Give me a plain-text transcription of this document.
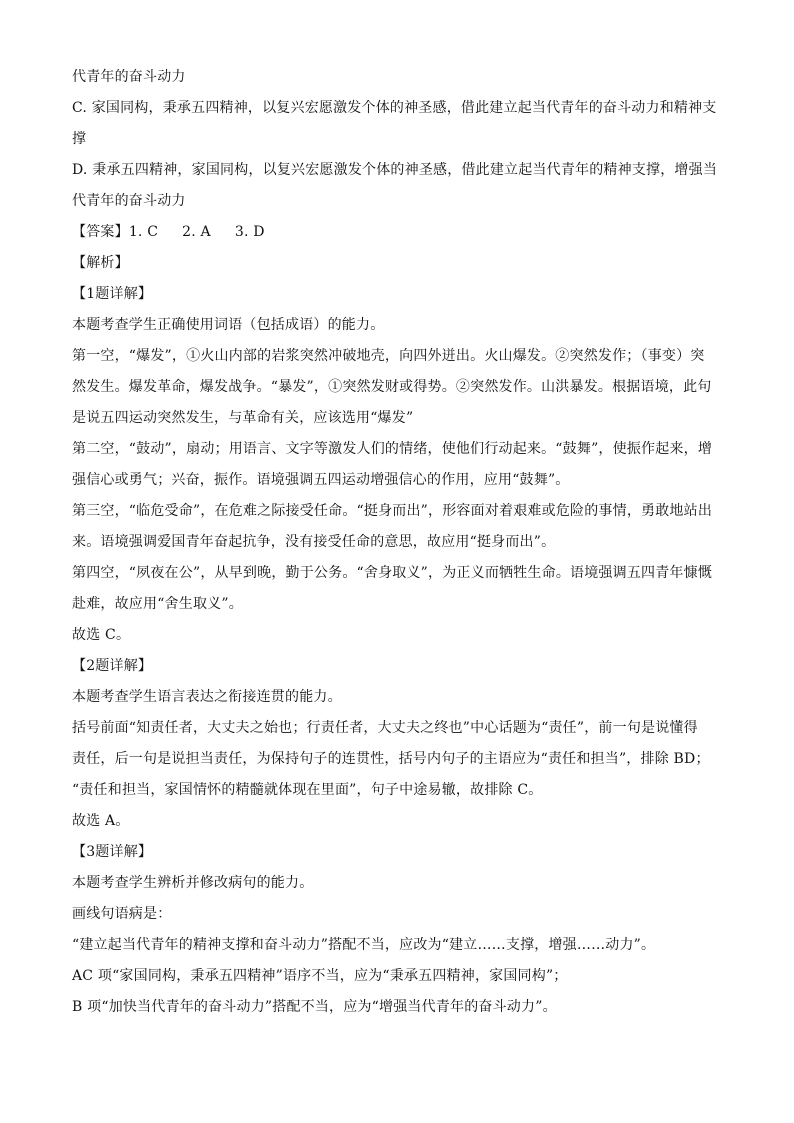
代青年的奋斗动力
C. 家国同构，秉承五四精神，以复兴宏愿激发个体的神圣感，借此建立起当代青年的奋斗动力和精神支
撑
D. 秉承五四精神，家国同构，以复兴宏愿激发个体的神圣感，借此建立起当代青年的精神支撑，增强当
代青年的奋斗动力
【答案】1. C 2. A 3. D
【解析】
【1题详解】
本题考查学生正确使用词语（包括成语）的能力。
第一空，“爆发”，①火山内部的岩浆突然冲破地壳，向四外迸出。火山爆发。②突然发作；（事变）突
然发生。爆发革命，爆发战争。“暴发”，①突然发财或得势。②突然发作。山洪暴发。根据语境，此句
是说五四运动突然发生，与革命有关，应该选用“爆发”
第二空，“鼓动”，扇动；用语言、文字等激发人们的情绪，使他们行动起来。“鼓舞”，使振作起来，增
强信心或勇气；兴奋，振作。语境强调五四运动增强信心的作用，应用“鼓舞”。
第三空，“临危受命”，在危难之际接受任命。“挺身而出”，形容面对着艰难或危险的事情，勇敢地站出
来。语境强调爱国青年奋起抗争，没有接受任命的意思，故应用“挺身而出”。
第四空，“夙夜在公”，从早到晚，勤于公务。“舍身取义”，为正义而牺牲生命。语境强调五四青年慷慨
赴难，故应用“舍生取义”。
故选 C。
【2题详解】
本题考查学生语言表达之衔接连贯的能力。
括号前面“知责任者，大丈夫之始也；行责任者，大丈夫之终也”中心话题为“责任”，前一句是说懂得
责任，后一句是说担当责任，为保持句子的连贯性，括号内句子的主语应为“责任和担当”，排除 BD；
“责任和担当，家国情怀的精髓就体现在里面”，句子中途易辙，故排除 C。
故选 A。
【3题详解】
本题考查学生辨析并修改病句的能力。
画线句语病是：
“建立起当代青年的精神支撑和奋斗动力”搭配不当，应改为“建立……支撑，增强……动力”。
AC 项“家国同构，秉承五四精神”语序不当，应为“秉承五四精神，家国同构”；
B 项“加快当代青年的奋斗动力”搭配不当，应为“增强当代青年的奋斗动力”。
